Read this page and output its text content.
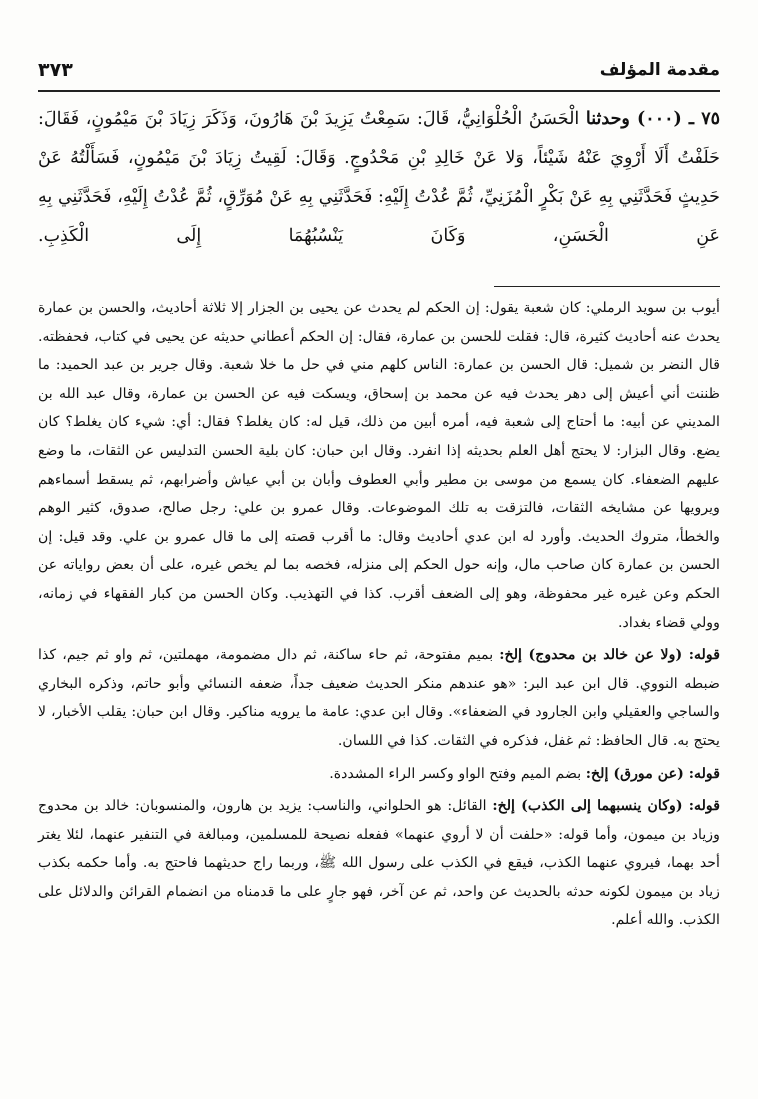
مقدمة المؤلف
٣٧٣

٧٥ ـ (٠٠٠) وحدثنا الْحَسَنُ الْحُلْوَانِيُّ، قَالَ: سَمِعْتُ يَزِيدَ بْنَ هَارُونَ، وَذَكَرَ زِيَادَ بْنَ مَيْمُونٍ، فَقَالَ: حَلَفْتُ أَلَا أَرْوِيَ عَنْهُ شَيْئاً، وَلا عَنْ خَالِدِ بْنِ مَحْدُوجٍ. وَقَالَ: لَقِيتُ زِيَادَ بْنَ مَيْمُونٍ، فَسَأَلْتُهُ عَنْ حَدِيثٍ فَحَدَّثَنِي بِهِ عَنْ بَكْرٍ الْمُزَنِيِّ، ثُمَّ عُدْتُ إِلَيْهِ: فَحَدَّثَنِي بِهِ عَنْ مُوَرِّقٍ، ثُمَّ عُدْتُ إِلَيْهِ، فَحَدَّثَنِي بِهِ عَنِ الْحَسَنِ، وَكَانَ يَنْسُبُهُمَا إِلَى الْكَذِبِ.

أيوب بن سويد الرملي: كان شعبة يقول: إن الحكم لم يحدث عن يحيى بن الجزار إلا ثلاثة أحاديث، والحسن بن عمارة يحدث عنه أحاديث كثيرة، قال: فقلت للحسن بن عمارة، فقال: إن الحكم أعطاني حديثه عن يحيى في كتاب، فحفظته. قال النضر بن شميل: قال الحسن بن عمارة: الناس كلهم مني في حل ما خلا شعبة. وقال جرير بن عبد الحميد: ما ظننت أني أعيش إلى دهر يحدث فيه عن محمد بن إسحاق، ويسكت فيه عن الحسن بن عمارة، وقال عبد الله بن المديني عن أبيه: ما أحتاج إلى شعبة فيه، أمره أبين من ذلك، قيل له: كان يغلط؟ فقال: أي: شيء كان يغلط؟ كان يضع. وقال البزار: لا يحتج أهل العلم بحديثه إذا انفرد. وقال ابن حبان: كان بلية الحسن التدليس عن الثقات، ما وضع عليهم الضعفاء. كان يسمع من موسى بن مطير وأبي العطوف وأبان بن أبي عياش وأضرابهم، ثم يسقط أسماءهم ويرويها عن مشايخه الثقات، فالتزقت به تلك الموضوعات. وقال عمرو بن علي: رجل صالح، صدوق، كثير الوهم والخطأ، متروك الحديث. وأورد له ابن عدي أحاديث وقال: ما أقرب قصته إلى ما قال عمرو بن علي. وقد قيل: إن الحسن بن عمارة كان صاحب مال، وإنه حول الحكم إلى منزله، فخصه بما لم يخص غيره، على أن بعض رواياته عن الحكم وعن غيره غير محفوظة، وهو إلى الضعف أقرب. كذا في التهذيب. وكان الحسن من كبار الفقهاء في زمانه، وولي قضاء بغداد.

قوله: (ولا عن خالد بن محدوج) إلخ: بميم مفتوحة، ثم حاء ساكنة، ثم دال مضمومة، مهملتين، ثم واو ثم جيم، كذا ضبطه النووي. قال ابن عبد البر: «هو عندهم منكر الحديث ضعيف جداً، ضعفه النسائي وأبو حاتم، وذكره البخاري والساجي والعقيلي وابن الجارود في الضعفاء». وقال ابن عدي: عامة ما يرويه مناكير. وقال ابن حبان: يقلب الأخبار، لا يحتج به. قال الحافظ: ثم غفل، فذكره في الثقات. كذا في اللسان.

قوله: (عن مورق) إلخ: بضم الميم وفتح الواو وكسر الراء المشددة.

قوله: (وكان ينسبهما إلى الكذب) إلخ: القائل: هو الحلواني، والناسب: يزيد بن هارون، والمنسوبان: خالد بن محدوج وزياد بن ميمون، وأما قوله: «حلفت أن لا أروي عنهما» ففعله نصيحة للمسلمين، ومبالغة في التنفير عنهما، لئلا يغتر أحد بهما، فيروي عنهما الكذب، فيقع في الكذب على رسول الله ﷺ، وربما راج حديثهما فاحتج به. وأما حكمه بكذب زياد بن ميمون لكونه حدثه بالحديث عن واحد، ثم عن آخر، فهو جارٍ على ما قدمناه من انضمام القرائن والدلائل على الكذب. والله أعلم.
